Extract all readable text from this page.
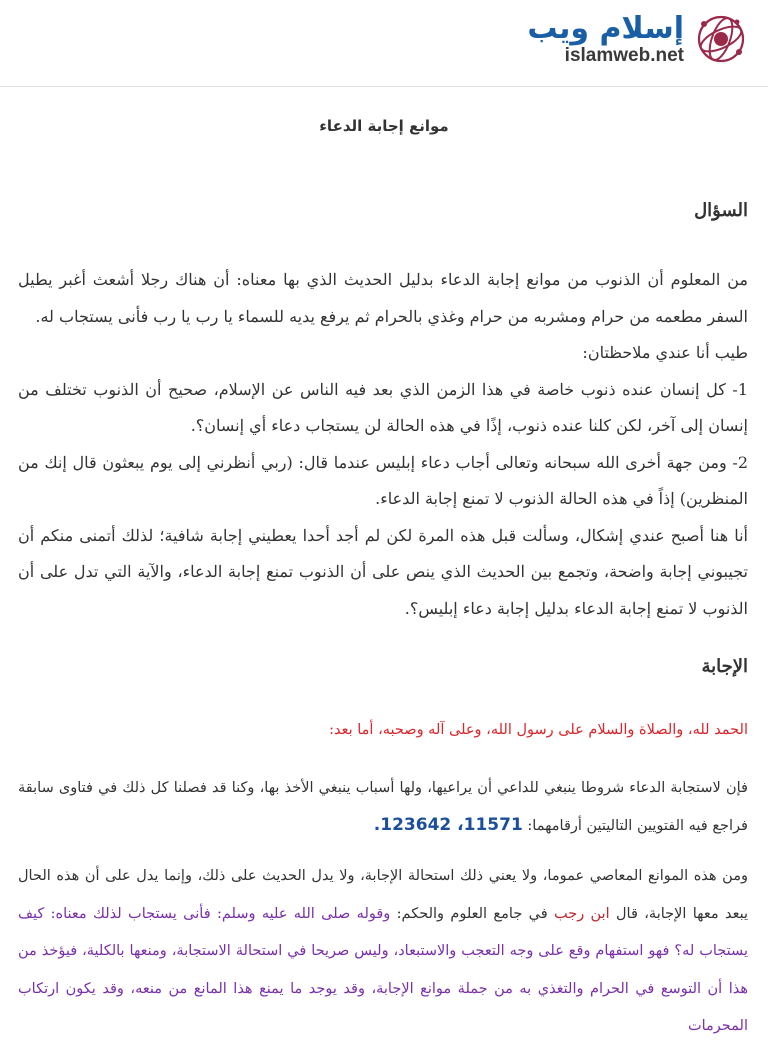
إسلام ويب
islamweb.net
موانع إجابة الدعاء
السؤال

من المعلوم أن الذنوب من موانع إجابة الدعاء بدليل الحديث الذي بها معناه: أن هناك رجلا أشعث أغبر يطيل السفر مطعمه من حرام ومشربه من حرام وغذي بالحرام ثم يرفع يديه للسماء يا رب يا رب فأنى يستجاب له.

طيب أنا عندي ملاحظتان:

1- كل إنسان عنده ذنوب خاصة في هذا الزمن الذي بعد فيه الناس عن الإسلام، صحيح أن الذنوب تختلف من إنسان إلى آخر، لكن كلنا عنده ذنوب، إذًا في هذه الحالة لن يستجاب دعاء أي إنسان؟.

2- ومن جهة أخرى الله سبحانه وتعالى أجاب دعاء إبليس عندما قال: (ربي أنظرني إلى يوم يبعثون قال إنك من المنظرين) إذاً في هذه الحالة الذنوب لا تمنع إجابة الدعاء.

أنا هنا أصبح عندي إشكال، وسألت قبل هذه المرة لكن لم أجد أحدا يعطيني إجابة شافية؛ لذلك أتمنى منكم أن تجيبوني إجابة واضحة، وتجمع بين الحديث الذي ينص على أن الذنوب تمنع إجابة الدعاء، والآية التي تدل على أن الذنوب لا تمنع إجابة الدعاء بدليل إجابة دعاء إبليس؟.

الإجابة
الحمد لله، والصلاة والسلام على رسول الله، وعلى آله وصحبه، أما بعد:

فإن لاستجابة الدعاء شروطا ينبغي للداعي أن يراعيها، ولها أسباب ينبغي الأخذ بها، وكنا قد فصلنا كل ذلك في فتاوى سابقة فراجع فيه الفتويين التاليتين أرقامهما: 11571، 123642.

ومن هذه الموانع المعاصي عموما، ولا يعني ذلك استحالة الإجابة، ولا يدل الحديث على ذلك، وإنما يدل على أن هذه الحال يبعد معها الإجابة، قال ابن رجب في جامع العلوم والحكم: وقوله صلى الله عليه وسلم: فأنى يستجاب لذلك معناه: كيف يستجاب له؟ فهو استفهام وقع على وجه التعجب والاستبعاد، وليس صريحا في استحالة الاستجابة، ومنعها بالكلية، فيؤخذ من هذا أن التوسع في الحرام والتغذي به من جملة موانع الإجابة، وقد يوجد ما يمنع هذا المانع من منعه، وقد يكون ارتكاب المحرمات
